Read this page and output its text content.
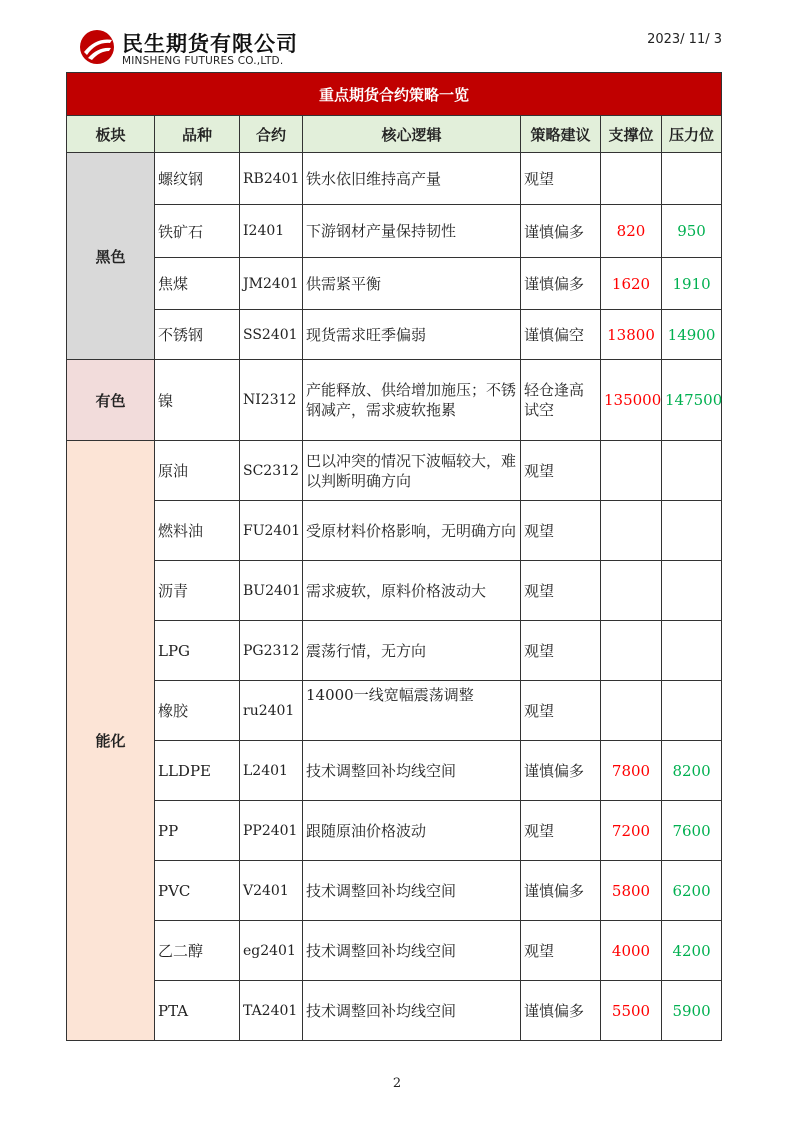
民生期货有限公司
MINSHENG FUTURES CO.,LTD.
2023/ 11/ 3
重点期货合约策略一览						
板块	品种	合约	核心逻辑	策略建议	支撑位	压力位
黑色	螺纹钢	RB2401	铁水依旧维持高产量	观望		
	铁矿石	I2401	下游钢材产量保持韧性	谨慎偏多	820	950
	焦煤	JM2401	供需紧平衡	谨慎偏多	1620	1910
	不锈钢	SS2401	现货需求旺季偏弱	谨慎偏空	13800	14900
有色	镍	NI2312	产能释放、供给增加施压；不锈钢减产，需求疲软拖累	轻仓逢高试空	135000	147500
能化	原油	SC2312	巴以冲突的情况下波幅较大，难以判断明确方向	观望		
	燃料油	FU2401	受原材料价格影响，无明确方向	观望		
	沥青	BU2401	需求疲软，原料价格波动大	观望		
	LPG	PG2312	震荡行情，无方向	观望		
	橡胶	ru2401	14000一线宽幅震荡调整	观望		
	LLDPE	L2401	技术调整回补均线空间	谨慎偏多	7800	8200
	PP	PP2401	跟随原油价格波动	观望	7200	7600
	PVC	V2401	技术调整回补均线空间	谨慎偏多	5800	6200
	乙二醇	eg2401	技术调整回补均线空间	观望	4000	4200
	PTA	TA2401	技术调整回补均线空间	谨慎偏多	5500	5900
2
